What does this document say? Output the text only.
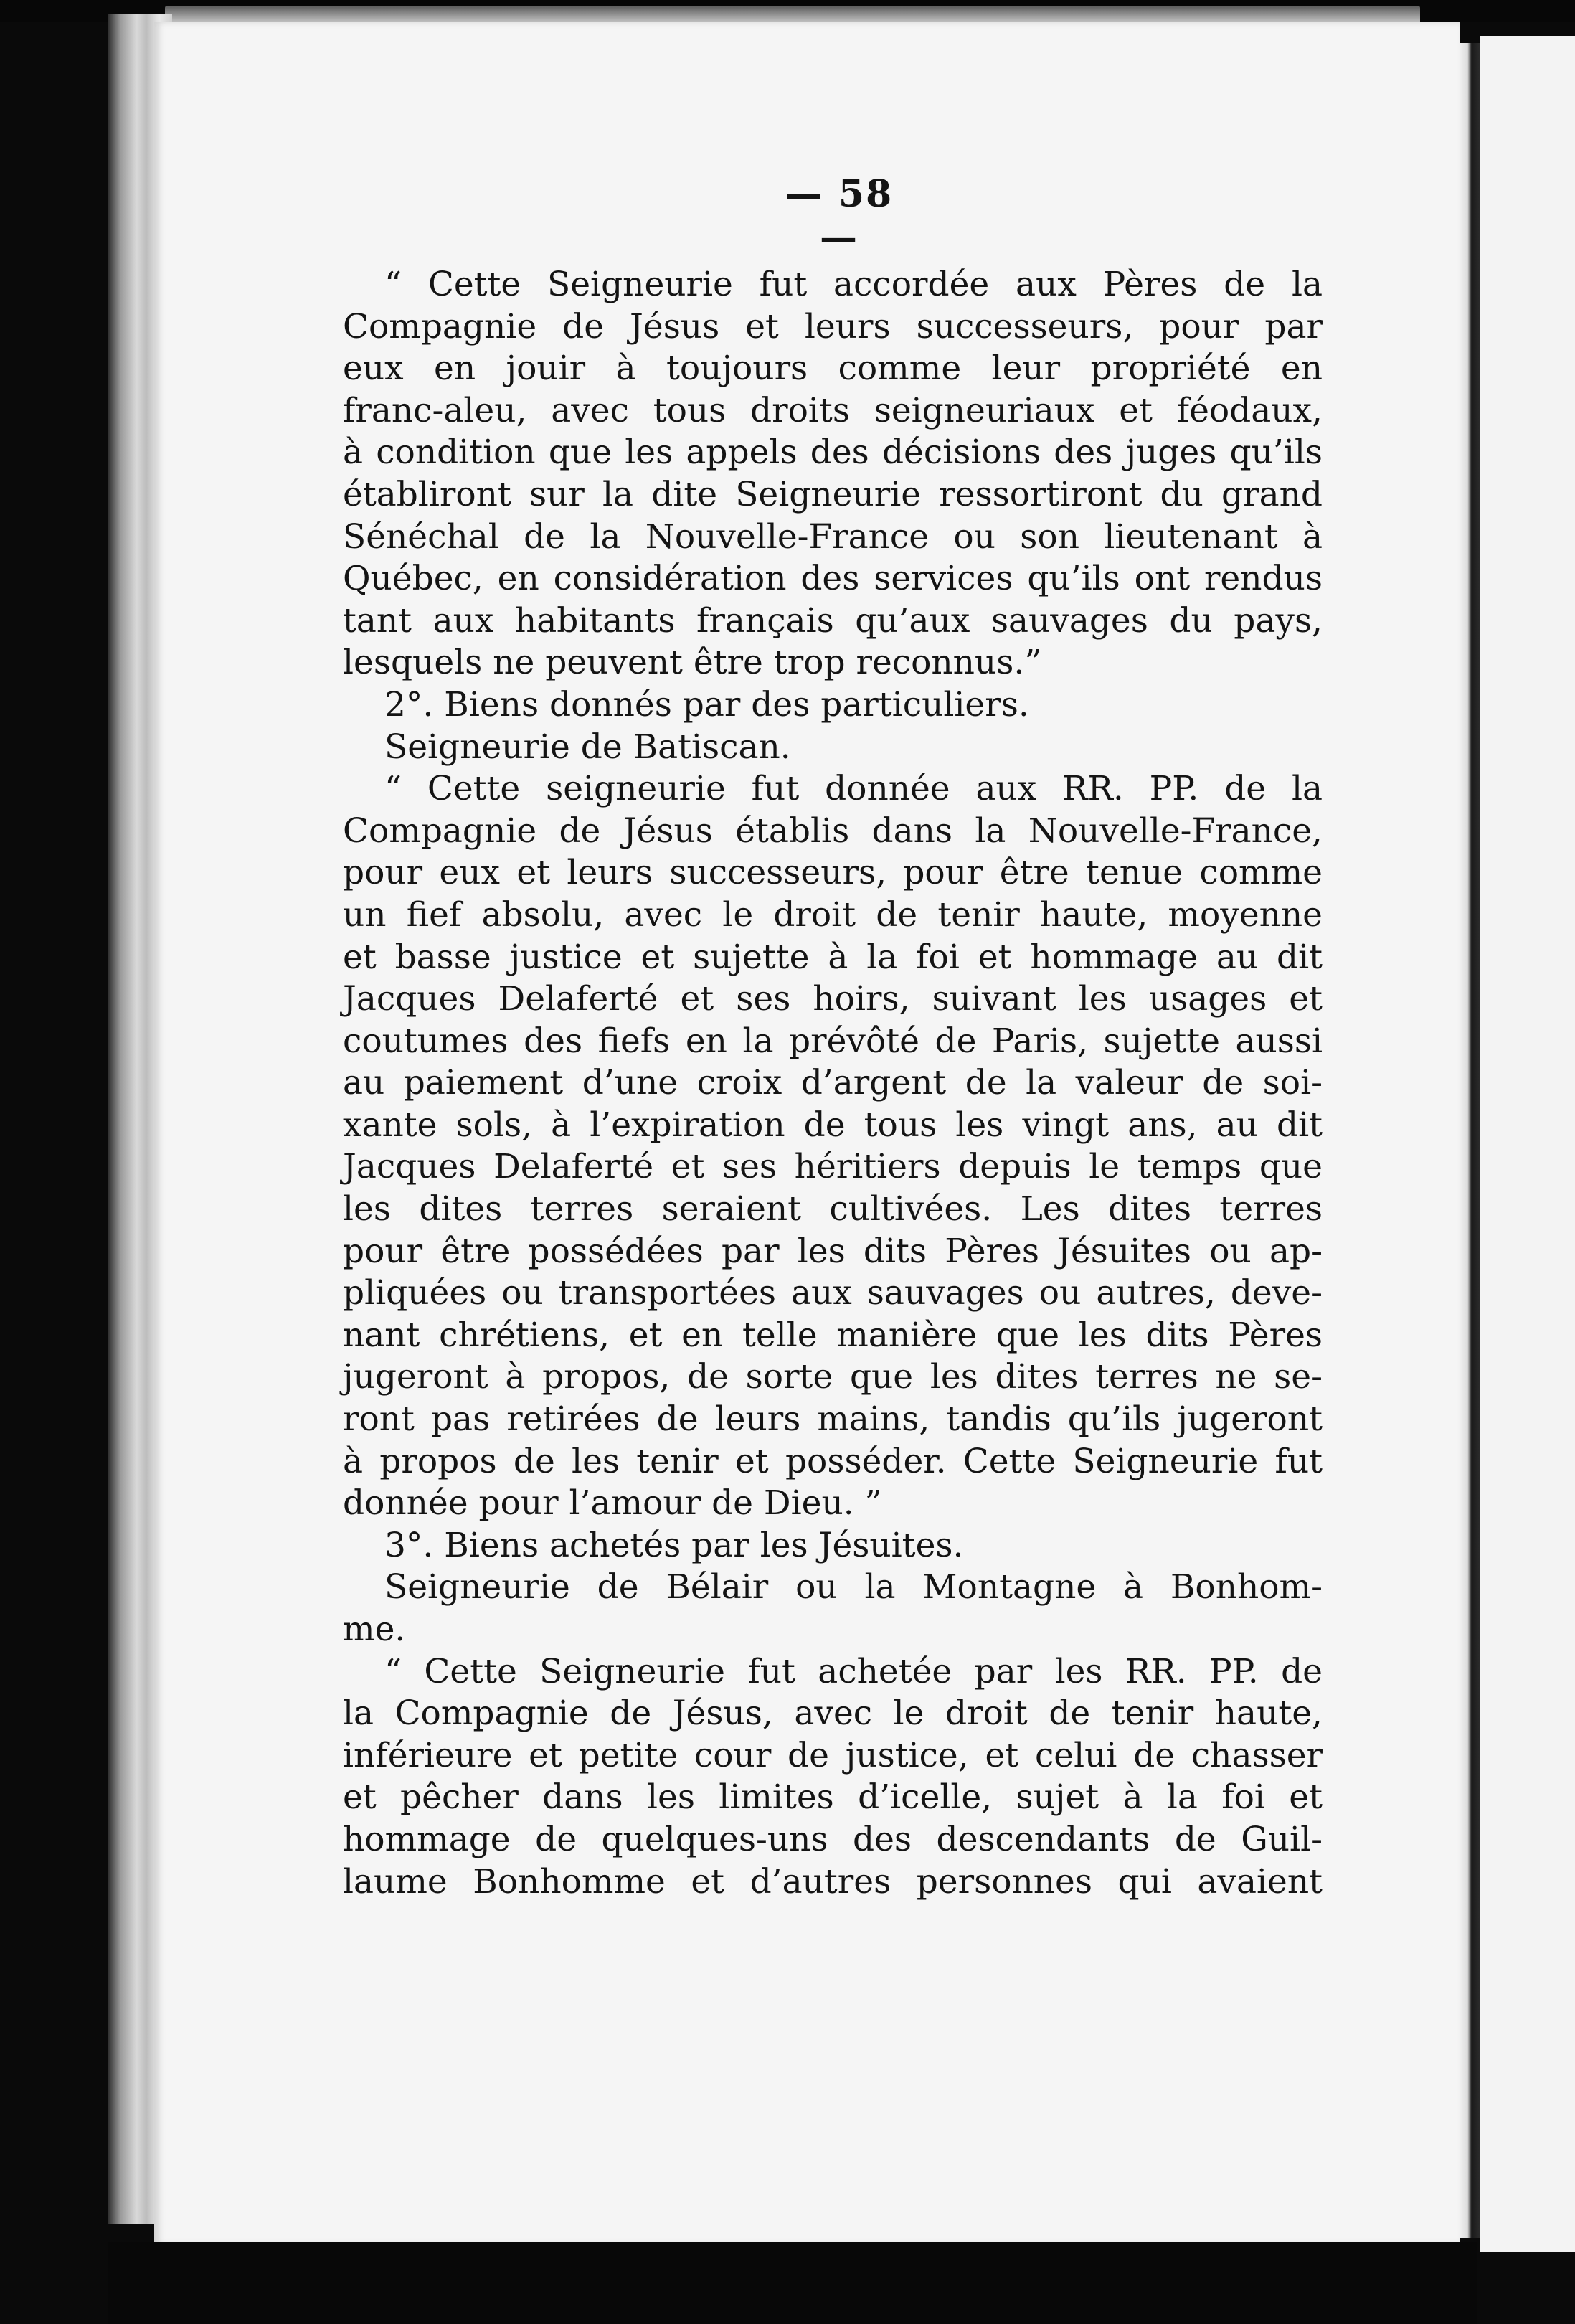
— 58 —
“ Cette Seigneurie fut accordée aux Pères de la
Compagnie de Jésus et leurs successeurs, pour par
eux en jouir à toujours comme leur propriété en
franc-aleu, avec tous droits seigneuriaux et féodaux,
à condition que les appels des décisions des juges qu’ils
établiront sur la dite Seigneurie ressortiront du grand
Sénéchal de la Nouvelle-France ou son lieutenant à
Québec, en considération des services qu’ils ont rendus
tant aux habitants français qu’aux sauvages du pays,
lesquels ne peuvent être trop reconnus.”
2°. Biens donnés par des particuliers.
Seigneurie de Batiscan.
“ Cette seigneurie fut donnée aux RR. PP. de la
Compagnie de Jésus établis dans la Nouvelle-France,
pour eux et leurs successeurs, pour être tenue comme
un fief absolu, avec le droit de tenir haute, moyenne
et basse justice et sujette à la foi et hommage au dit
Jacques Delaferté et ses hoirs, suivant les usages et
coutumes des fiefs en la prévôté de Paris, sujette aussi
au paiement d’une croix d’argent de la valeur de soi-
xante sols, à l’expiration de tous les vingt ans, au dit
Jacques Delaferté et ses héritiers depuis le temps que
les dites terres seraient cultivées. Les dites terres
pour être possédées par les dits Pères Jésuites ou ap-
pliquées ou transportées aux sauvages ou autres, deve-
nant chrétiens, et en telle manière que les dits Pères
jugeront à propos, de sorte que les dites terres ne se-
ront pas retirées de leurs mains, tandis qu’ils jugeront
à propos de les tenir et posséder. Cette Seigneurie fut
donnée pour l’amour de Dieu. ”
3°. Biens achetés par les Jésuites.
Seigneurie de Bélair ou la Montagne à Bonhom-
me.
“ Cette Seigneurie fut achetée par les RR. PP. de
la Compagnie de Jésus, avec le droit de tenir haute,
inférieure et petite cour de justice, et celui de chasser
et pêcher dans les limites d’icelle, sujet à la foi et
hommage de quelques-uns des descendants de Guil-
laume Bonhomme et d’autres personnes qui avaient
